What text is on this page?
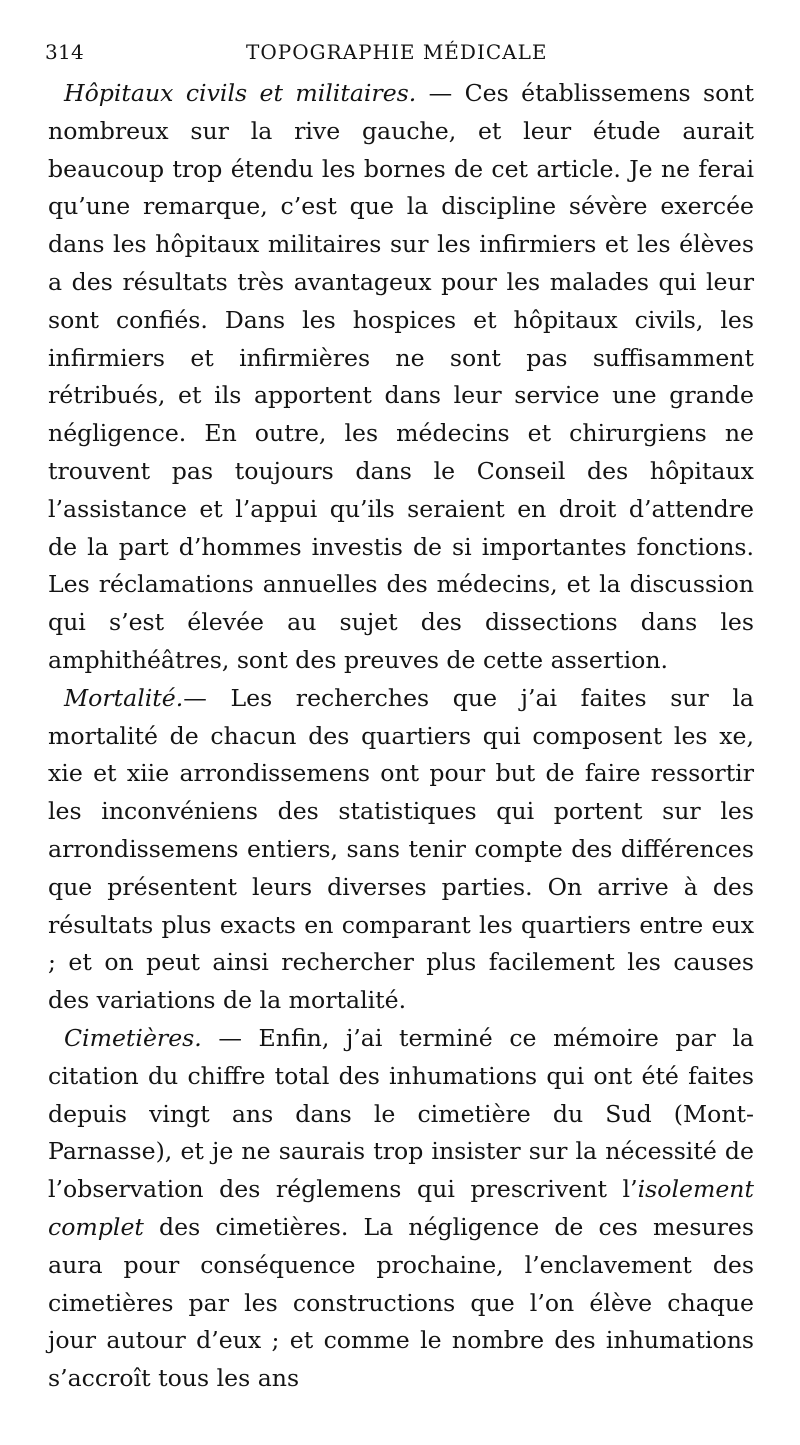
314	TOPOGRAPHIE MÉDICALE

Hôpitaux civils et militaires. — Ces établissemens sont nombreux sur la rive gauche, et leur étude aurait beaucoup trop étendu les bornes de cet article. Je ne ferai qu’une remarque, c’est que la discipline sévère exercée dans les hôpitaux militaires sur les infirmiers et les élèves a des résultats très avantageux pour les malades qui leur sont confiés. Dans les hospices et hôpitaux civils, les infirmiers et infirmières ne sont pas suffisamment rétribués, et ils apportent dans leur service une grande négligence. En outre, les médecins et chirurgiens ne trouvent pas toujours dans le Conseil des hôpitaux l’assistance et l’appui qu’ils seraient en droit d’attendre de la part d’hommes investis de si importantes fonctions. Les réclamations annuelles des médecins, et la discussion qui s’est élevée au sujet des dissections dans les amphithéâtres, sont des preuves de cette assertion.

Mortalité.— Les recherches que j’ai faites sur la mortalité de chacun des quartiers qui composent les xe, xie et xiie arrondissemens ont pour but de faire ressortir les inconvéniens des statistiques qui portent sur les arrondissemens entiers, sans tenir compte des différences que présentent leurs diverses parties. On arrive à des résultats plus exacts en comparant les quartiers entre eux ; et on peut ainsi rechercher plus facilement les causes des variations de la mortalité.

Cimetières. — Enfin, j’ai terminé ce mémoire par la citation du chiffre total des inhumations qui ont été faites depuis vingt ans dans le cimetière du Sud (Mont-Parnasse), et je ne saurais trop insister sur la nécessité de l’observation des réglemens qui prescrivent l’isolement complet des cimetières. La négligence de ces mesures aura pour conséquence prochaine, l’enclavement des cimetières par les constructions que l’on élève chaque jour autour d’eux ; et comme le nombre des inhumations s’accroît tous les ans
